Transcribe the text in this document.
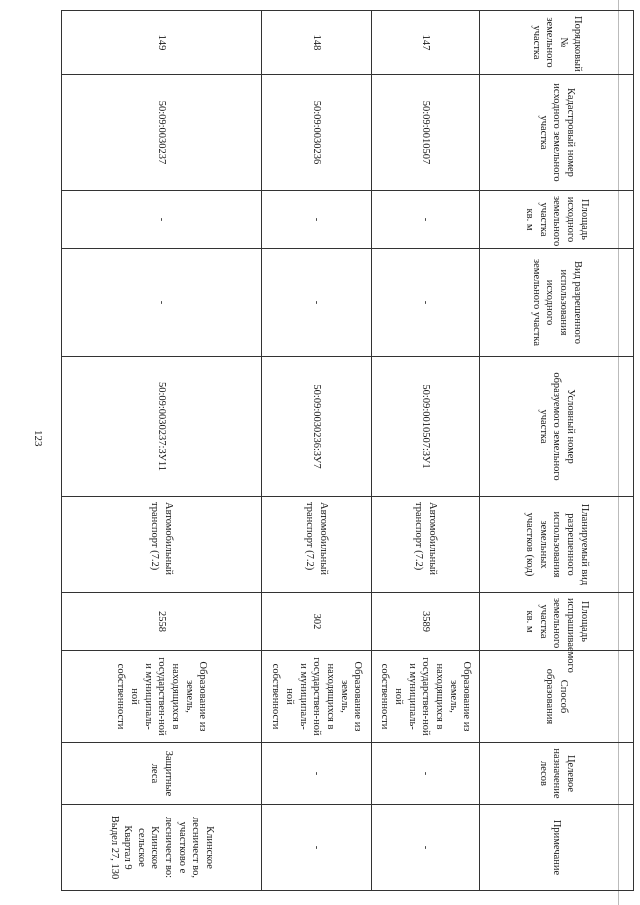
123
Порядковый № земельного участка	Кадастровый номер исходного земельного участка	Площадь исходного земельного участка кв. м	Вид разрешенного использования исходного земельного участка	Условный номер образуемого земельного участка	Планируемый вид разрешенного использования земельных участков (код)	Площадь испрашиваемого земельного участка кв. м	Способ образования	Целевое назначение лесов	Примечание
147	50:09:0010507	-	-	50:09:0010507:ЗУ1	Автомобильный транспорт (7.2)	3589	Образование из земель, находящихся в государствен-ной и муниципаль-ной собственности	-	-
148	50:09:0030236	-	-	50:09:0030236:ЗУ7	Автомобильный транспорт (7.2)	302	Образование из земель, находящихся в государствен-ной и муниципаль-ной собственности	-	-
149	50:09:0030237	-	-	50:09:0030237:ЗУ11	Автомобильный транспорт (7.2)	2558	Образование из земель, находящихся в государствен-ной и муниципаль-ной собственности	Защитные леса	Клинское лесничест во, участково е лесничест во: Клинское сельское Квартал 9 Выдел 27, 130
